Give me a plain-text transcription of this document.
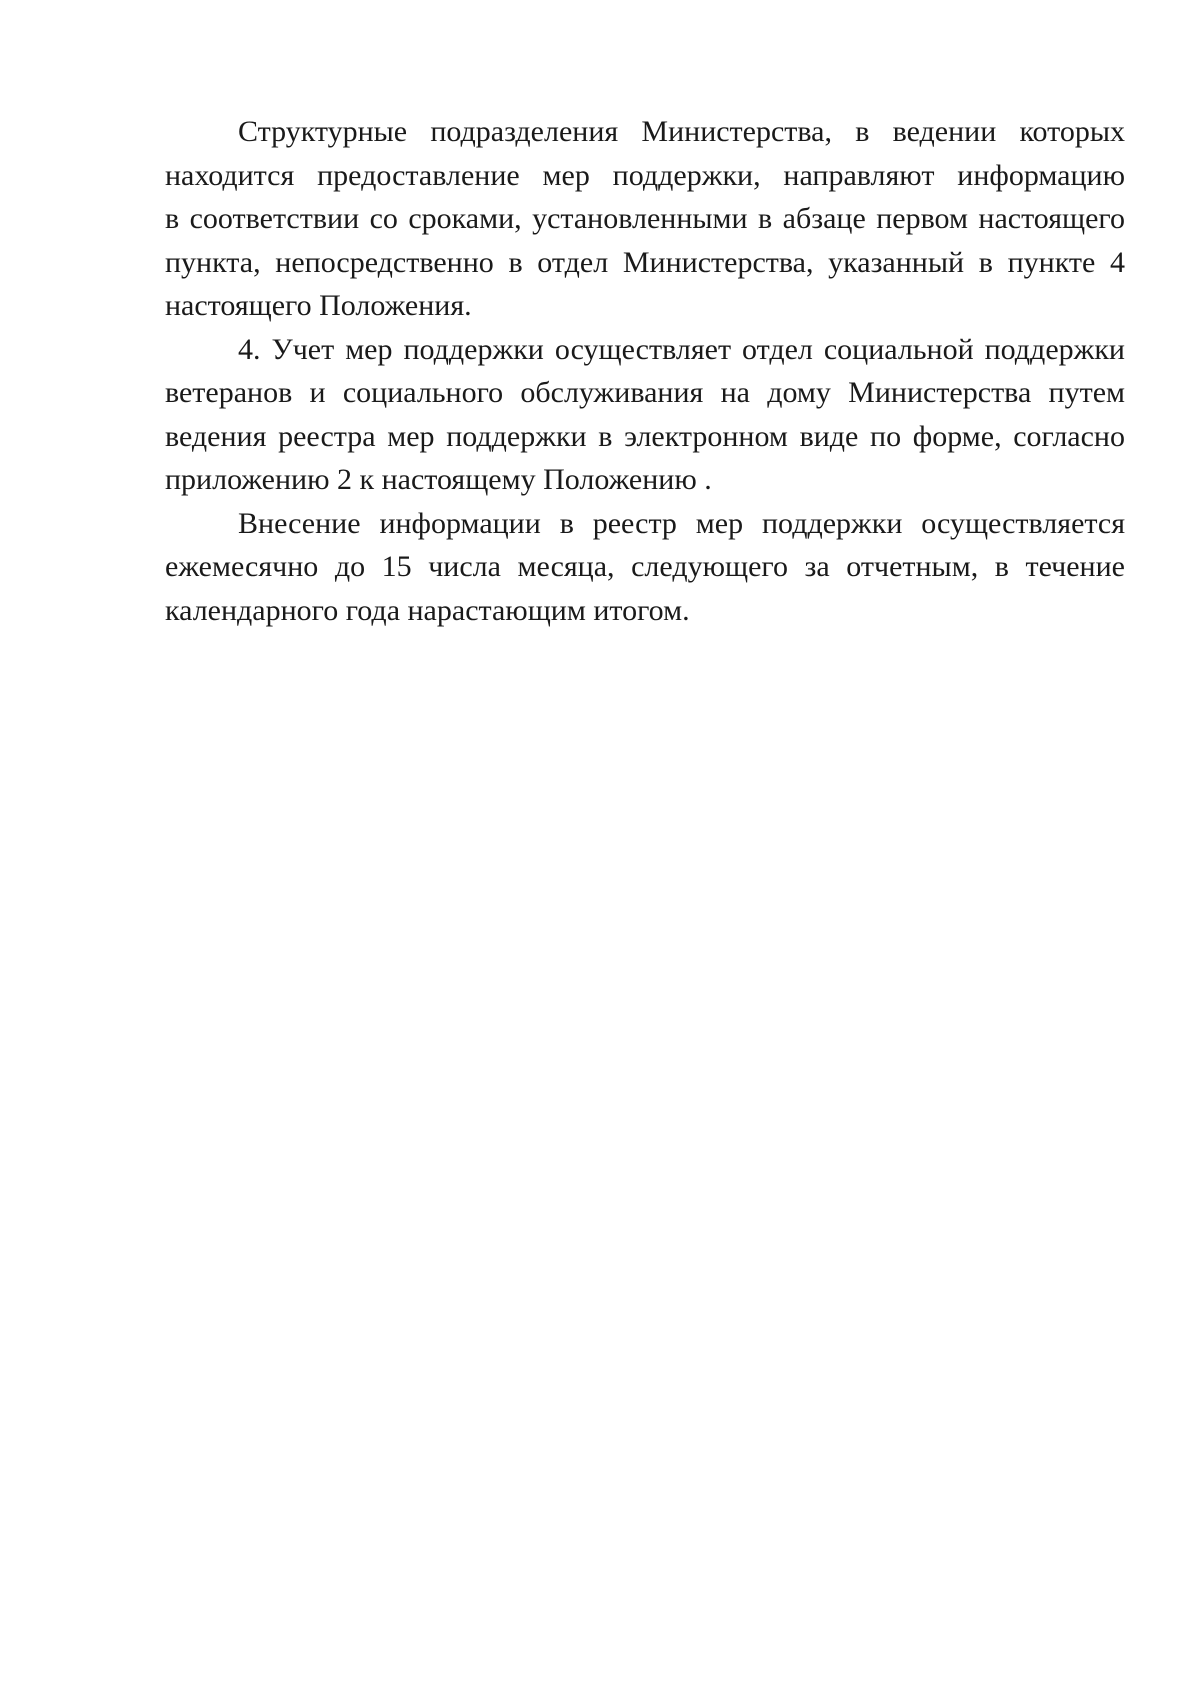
Структурные подразделения Министерства, в ведении которых
находится предоставление мер поддержки, направляют информацию
в соответствии со сроками, установленными в абзаце первом настоящего
пункта, непосредственно в отдел Министерства, указанный в пункте 4
настоящего Положения.
4. Учет мер поддержки осуществляет отдел социальной поддержки
ветеранов и социального обслуживания на дому Министерства путем
ведения реестра мер поддержки в электронном виде по форме, согласно
приложению 2 к настоящему Положению .
Внесение информации в реестр мер поддержки осуществляется
ежемесячно до 15 числа месяца, следующего за отчетным, в течение
календарного года нарастающим итогом.
